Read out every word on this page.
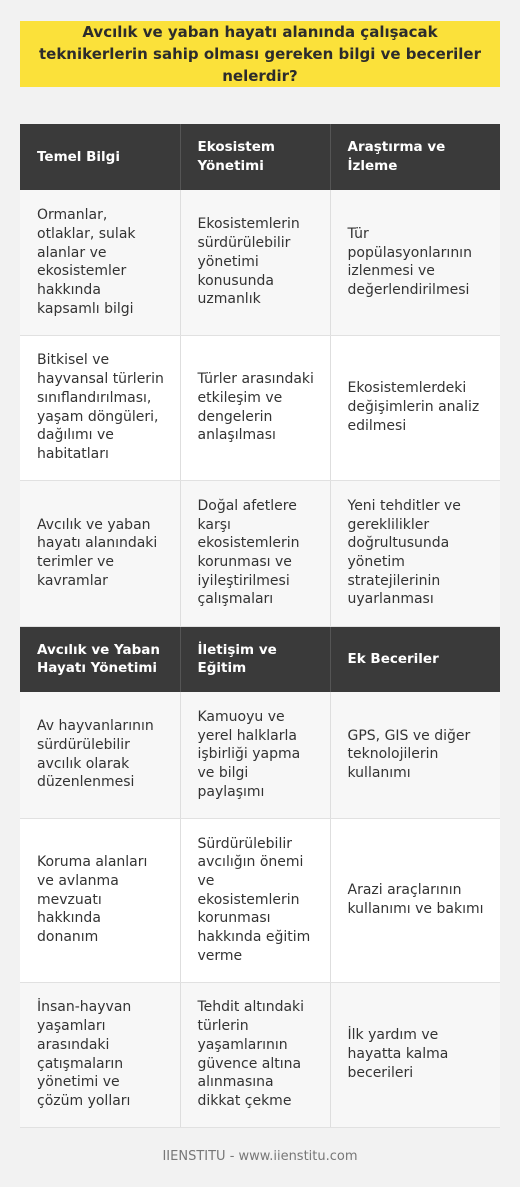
Avcılık ve yaban hayatı alanında çalışacak teknikerlerin sahip olması gereken bilgi ve beceriler nelerdir?
Temel Bilgi	Ekosistem Yönetimi	Araştırma ve İzleme
Ormanlar, otlaklar, sulak alanlar ve ekosistemler hakkında kapsamlı bilgi	Ekosistemlerin sürdürülebilir yönetimi konusunda uzmanlık	Tür popülasyonlarının izlenmesi ve değerlendirilmesi
Bitkisel ve hayvansal türlerin sınıflandırılması, yaşam döngüleri, dağılımı ve habitatları	Türler arasındaki etkileşim ve dengelerin anlaşılması	Ekosistemlerdeki değişimlerin analiz edilmesi
Avcılık ve yaban hayatı alanındaki terimler ve kavramlar	Doğal afetlere karşı ekosistemlerin korunması ve iyileştirilmesi çalışmaları	Yeni tehditler ve gereklilikler doğrultusunda yönetim stratejilerinin uyarlanması
Avcılık ve Yaban Hayatı Yönetimi	İletişim ve Eğitim	Ek Beceriler
Av hayvanlarının sürdürülebilir avcılık olarak düzenlenmesi	Kamuoyu ve yerel halklarla işbirliği yapma ve bilgi paylaşımı	GPS, GIS ve diğer teknolojilerin kullanımı
Koruma alanları ve avlanma mevzuatı hakkında donanım	Sürdürülebilir avcılığın önemi ve ekosistemlerin korunması hakkında eğitim verme	Arazi araçlarının kullanımı ve bakımı
İnsan-hayvan yaşamları arasındaki çatışmaların yönetimi ve çözüm yolları	Tehdit altındaki türlerin yaşamlarının güvence altına alınmasına dikkat çekme	İlk yardım ve hayatta kalma becerileri
IIENSTITU - www.iienstitu.com
